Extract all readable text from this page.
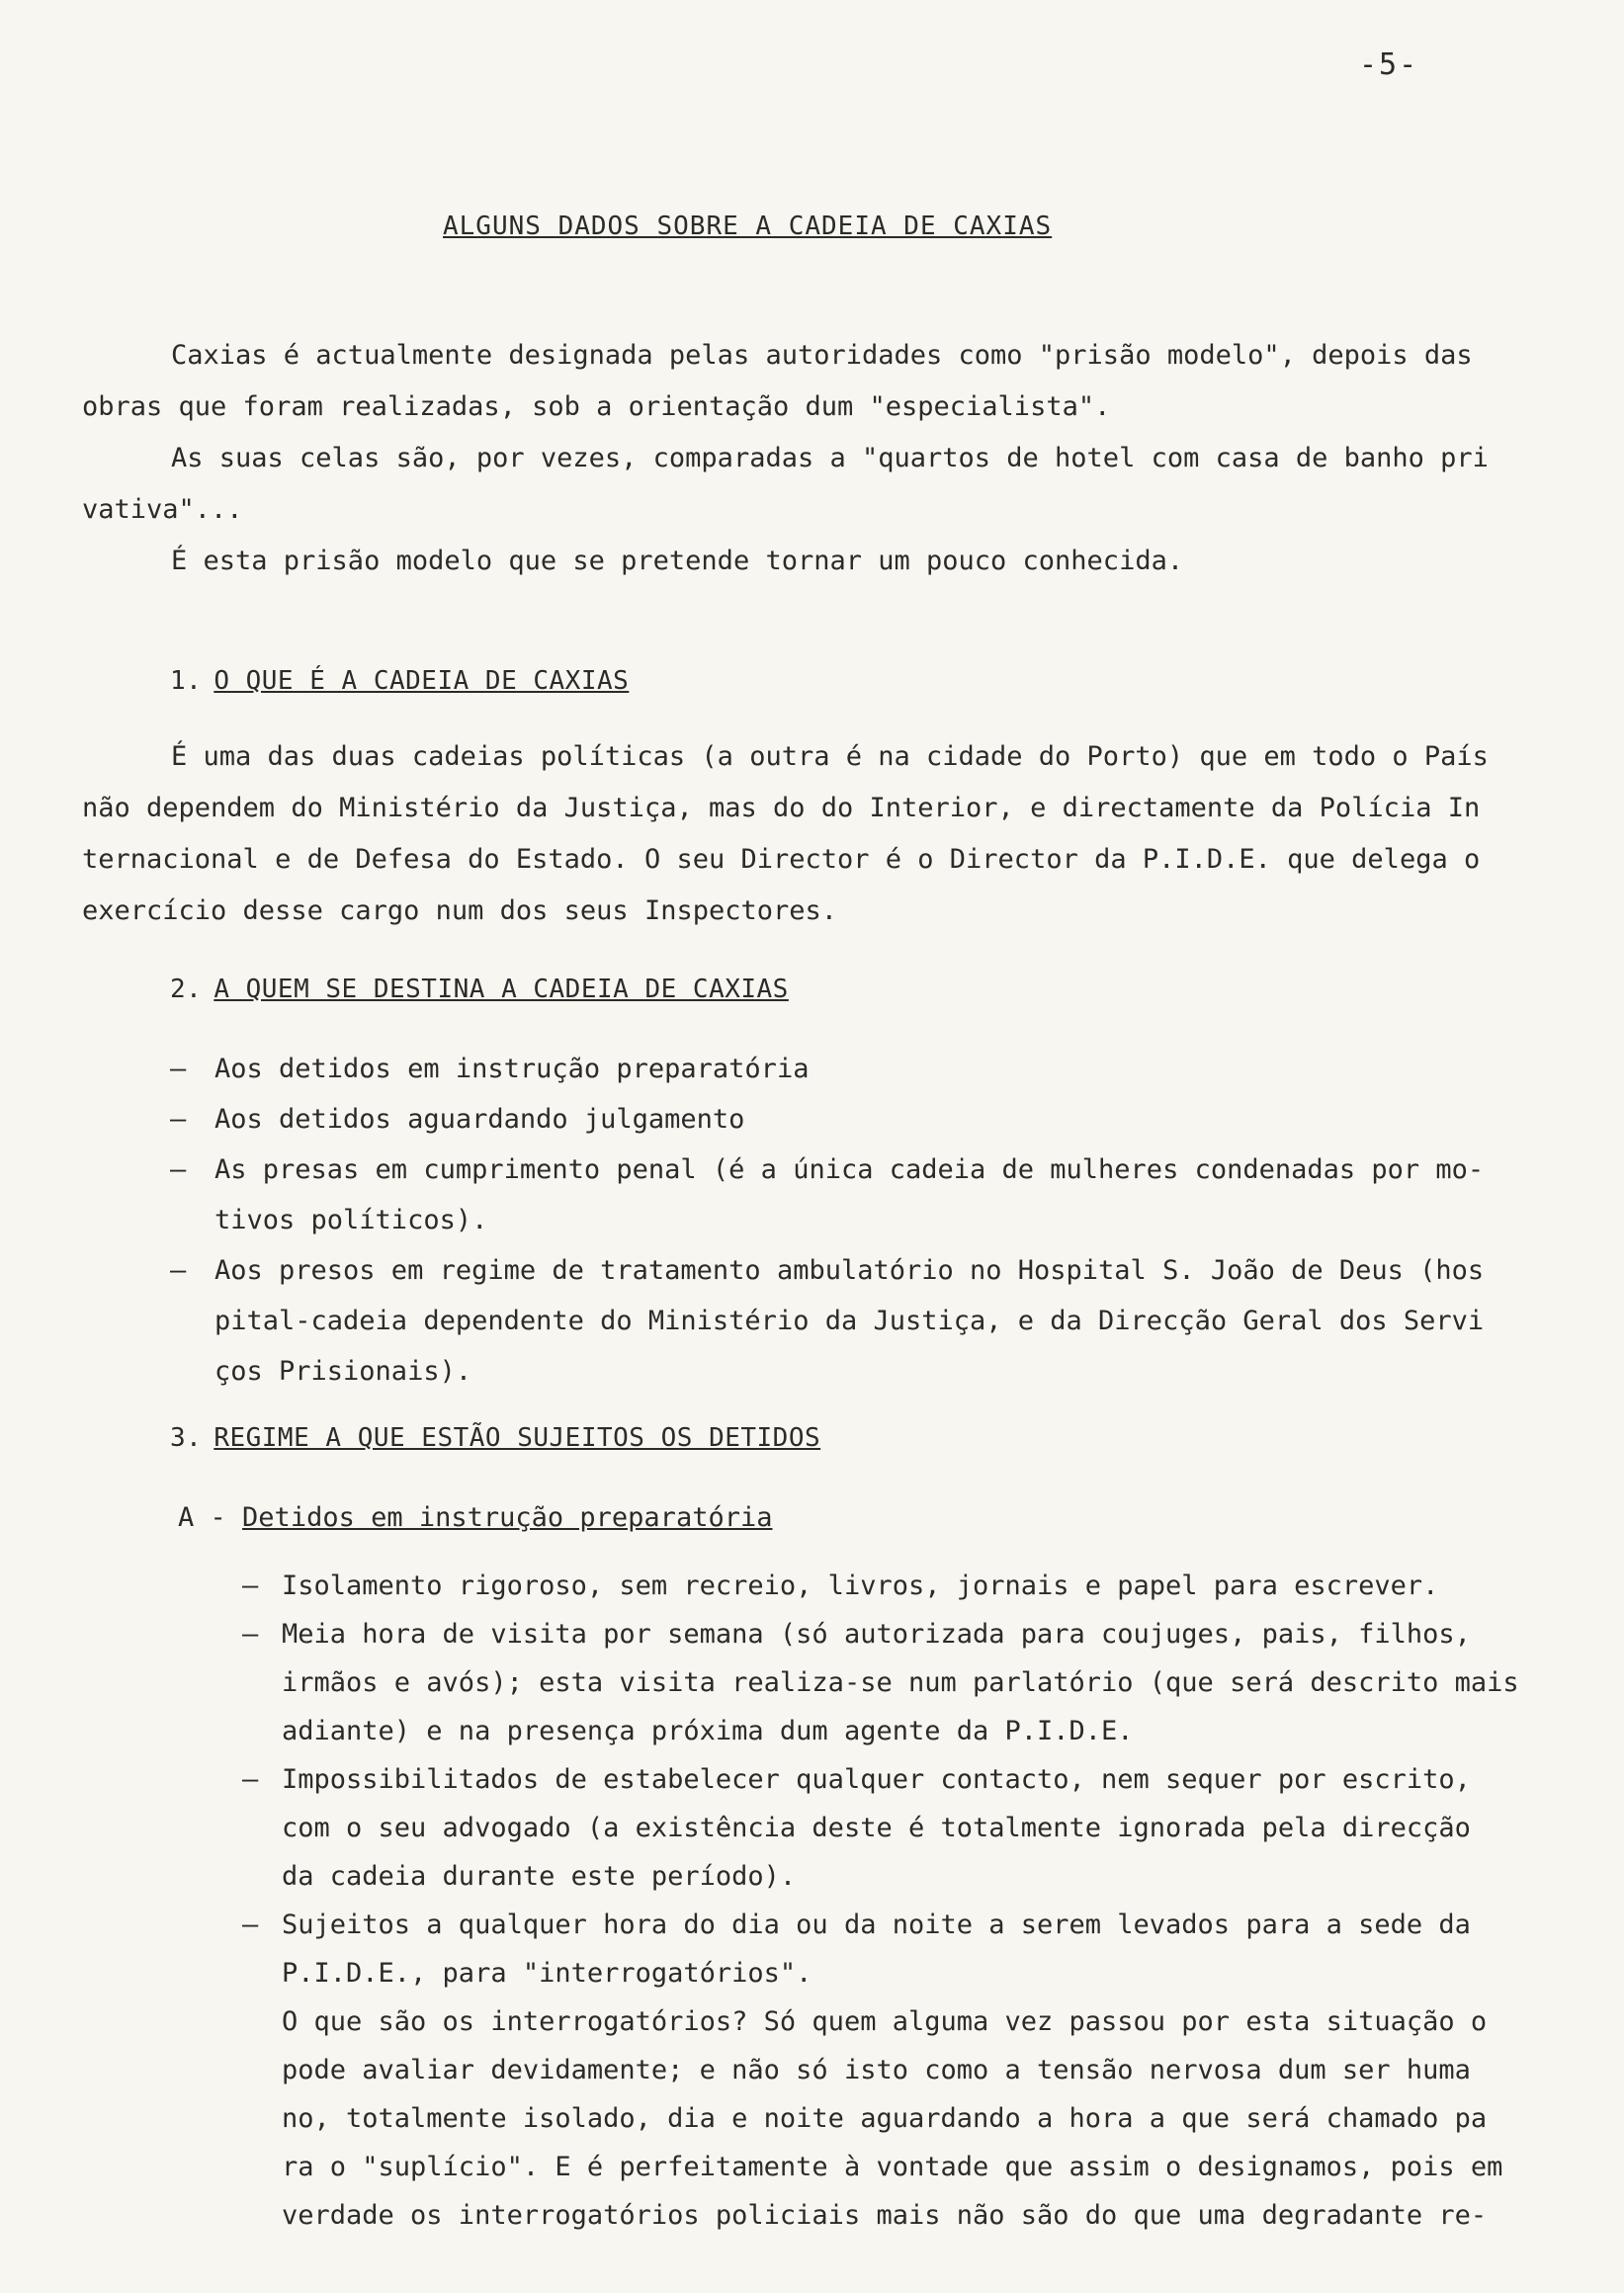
-5-
ALGUNS DADOS SOBRE A CADEIA DE CAXIAS
Caxias é actualmente designada pelas autoridades como "prisão modelo", depois das
obras que foram realizadas, sob a orientação dum "especialista".
As suas celas são, por vezes, comparadas a "quartos de hotel com casa de banho pri
vativa"...
É esta prisão modelo que se pretende tornar um pouco conhecida.
1. O QUE É A CADEIA DE CAXIAS
É uma das duas cadeias políticas (a outra é na cidade do Porto) que em todo o País
não dependem do Ministério da Justiça, mas do do Interior, e directamente da Polícia In
ternacional e de Defesa do Estado. O seu Director é o Director da P.I.D.E. que delega o
exercício desse cargo num dos seus Inspectores.
2. A QUEM SE DESTINA A CADEIA DE CAXIAS
– Aos detidos em instrução preparatória
– Aos detidos aguardando julgamento
– As presas em cumprimento penal (é a única cadeia de mulheres condenadas por mo-
tivos políticos).
– Aos presos em regime de tratamento ambulatório no Hospital S. João de Deus (hos
pital-cadeia dependente do Ministério da Justiça, e da Direcção Geral dos Servi
ços Prisionais).
3. REGIME A QUE ESTÃO SUJEITOS OS DETIDOS
A - Detidos em instrução preparatória
– Isolamento rigoroso, sem recreio, livros, jornais e papel para escrever.
– Meia hora de visita por semana (só autorizada para coujuges, pais, filhos,
irmãos e avós); esta visita realiza-se num parlatório (que será descrito mais
adiante) e na presença próxima dum agente da P.I.D.E.
– Impossibilitados de estabelecer qualquer contacto, nem sequer por escrito,
com o seu advogado (a existência deste é totalmente ignorada pela direcção
da cadeia durante este período).
– Sujeitos a qualquer hora do dia ou da noite a serem levados para a sede da
P.I.D.E., para "interrogatórios".
O que são os interrogatórios? Só quem alguma vez passou por esta situação o
pode avaliar devidamente; e não só isto como a tensão nervosa dum ser huma
no, totalmente isolado, dia e noite aguardando a hora a que será chamado pa
ra o "suplício". E é perfeitamente à vontade que assim o designamos, pois em
verdade os interrogatórios policiais mais não são do que uma degradante re-
